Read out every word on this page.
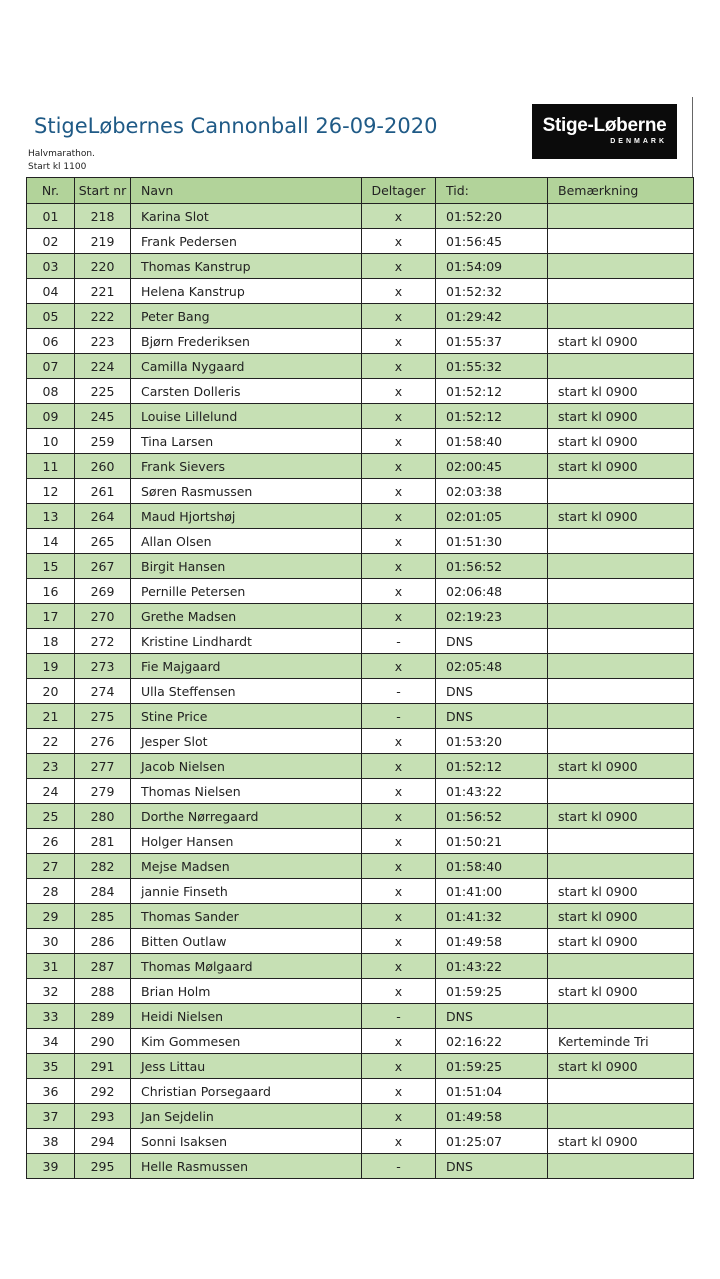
StigeLøbernes Cannonball 26-09-2020
Halvmarathon.
Start kl 1100
Stige-Løberne
DENMARK
Nr.	Start nr	Navn	Deltager	Tid:	Bemærkning
01	218	Karina Slot	x	01:52:20	
02	219	Frank Pedersen	x	01:56:45	
03	220	Thomas Kanstrup	x	01:54:09	
04	221	Helena Kanstrup	x	01:52:32	
05	222	Peter Bang	x	01:29:42	
06	223	Bjørn Frederiksen	x	01:55:37	start kl 0900
07	224	Camilla Nygaard	x	01:55:32	
08	225	Carsten Dolleris	x	01:52:12	start kl 0900
09	245	Louise Lillelund	x	01:52:12	start kl 0900
10	259	Tina Larsen	x	01:58:40	start kl 0900
11	260	Frank Sievers	x	02:00:45	start kl 0900
12	261	Søren Rasmussen	x	02:03:38	
13	264	Maud Hjortshøj	x	02:01:05	start kl 0900
14	265	Allan Olsen	x	01:51:30	
15	267	Birgit Hansen	x	01:56:52	
16	269	Pernille Petersen	x	02:06:48	
17	270	Grethe Madsen	x	02:19:23	
18	272	Kristine Lindhardt	-	DNS	
19	273	Fie Majgaard	x	02:05:48	
20	274	Ulla Steffensen	-	DNS	
21	275	Stine Price	-	DNS	
22	276	Jesper Slot	x	01:53:20	
23	277	Jacob Nielsen	x	01:52:12	start kl 0900
24	279	Thomas Nielsen	x	01:43:22	
25	280	Dorthe Nørregaard	x	01:56:52	start kl 0900
26	281	Holger Hansen	x	01:50:21	
27	282	Mejse Madsen	x	01:58:40	
28	284	jannie Finseth	x	01:41:00	start kl 0900
29	285	Thomas Sander	x	01:41:32	start kl 0900
30	286	Bitten Outlaw	x	01:49:58	start kl 0900
31	287	Thomas Mølgaard	x	01:43:22	
32	288	Brian Holm	x	01:59:25	start kl 0900
33	289	Heidi Nielsen	-	DNS	
34	290	Kim Gommesen	x	02:16:22	Kerteminde Tri
35	291	Jess Littau	x	01:59:25	start kl 0900
36	292	Christian Porsegaard	x	01:51:04	
37	293	Jan Sejdelin	x	01:49:58	
38	294	Sonni Isaksen	x	01:25:07	start kl 0900
39	295	Helle Rasmussen	-	DNS	
